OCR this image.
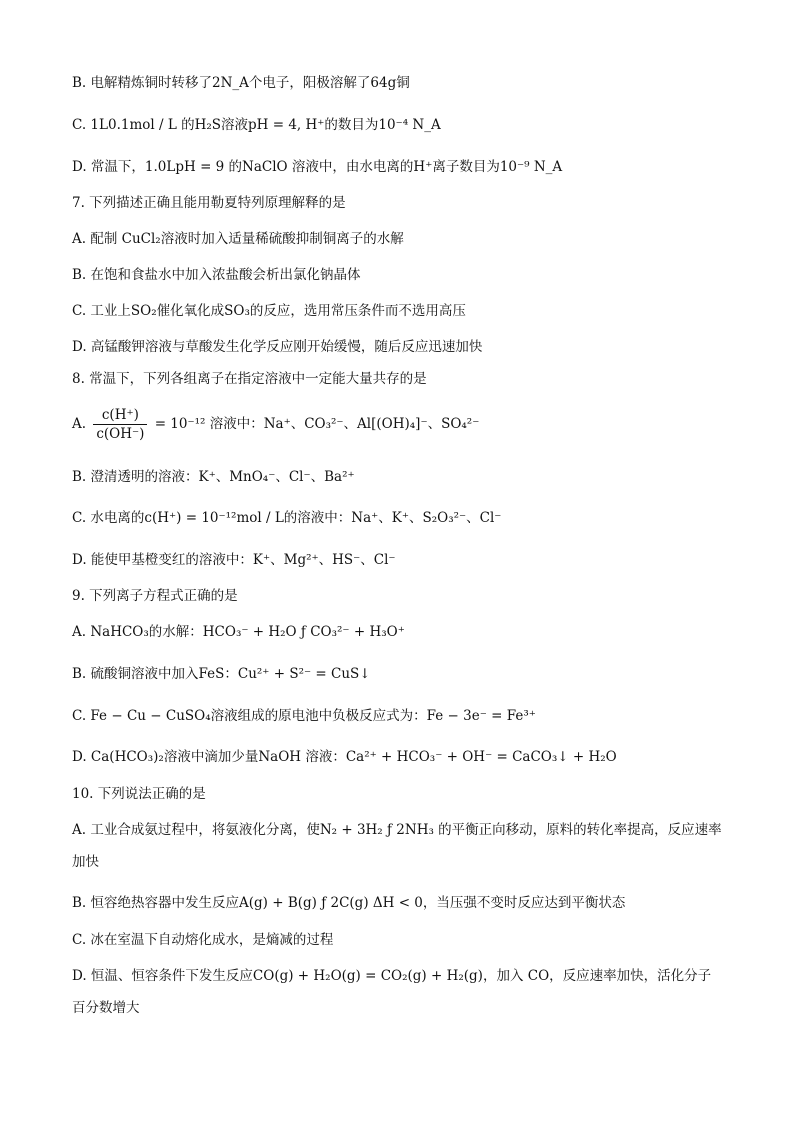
B. 电解精炼铜时转移了2N_A个电子，阳极溶解了64g铜
C. 1L0.1mol / L 的H₂S溶液pH = 4, H⁺的数目为10⁻⁴ N_A
D. 常温下，1.0LpH = 9 的NaClO 溶液中，由水电离的H⁺离子数目为10⁻⁹ N_A
7. 下列描述正确且能用勒夏特列原理解释的是
A. 配制 CuCl₂溶液时加入适量稀硫酸抑制铜离子的水解
B. 在饱和食盐水中加入浓盐酸会析出氯化钠晶体
C. 工业上SO₂催化氧化成SO₃的反应，选用常压条件而不选用高压
D. 高锰酸钾溶液与草酸发生化学反应刚开始缓慢，随后反应迅速加快
8. 常温下，下列各组离子在指定溶液中一定能大量共存的是
A. $\frac{c(H^+)}{c(OH^-)} = 10^{-12}$ 溶液中：Na⁺、CO₃²⁻、Al[(OH)₄]⁻、SO₄²⁻
B. 澄清透明的溶液：K⁺、MnO₄⁻、Cl⁻、Ba²⁺
C. 水电离的c(H⁺) = 10⁻¹²mol / L的溶液中：Na⁺、K⁺、S₂O₃²⁻、Cl⁻
D. 能使甲基橙变红的溶液中：K⁺、Mg²⁺、HS⁻、Cl⁻
9. 下列离子方程式正确的是
A. NaHCO₃的水解：HCO₃⁻ + H₂O ƒ CO₃²⁻ + H₃O⁺
B. 硫酸铜溶液中加入FeS：Cu²⁺ + S²⁻ = CuS↓
C. Fe − Cu − CuSO₄溶液组成的原电池中负极反应式为：Fe − 3e⁻ = Fe³⁺
D. Ca(HCO₃)₂溶液中滴加少量NaOH 溶液：Ca²⁺ + HCO₃⁻ + OH⁻ = CaCO₃↓ + H₂O
10. 下列说法正确的是
A. 工业合成氨过程中，将氨液化分离，使N₂ + 3H₂ ƒ 2NH₃ 的平衡正向移动，原料的转化率提高，反应速率加快
B. 恒容绝热容器中发生反应A(g) + B(g) ƒ 2C(g) ΔH < 0，当压强不变时反应达到平衡状态
C. 冰在室温下自动熔化成水，是熵减的过程
D. 恒温、恒容条件下发生反应CO(g) + H₂O(g) = CO₂(g) + H₂(g)，加入 CO，反应速率加快，活化分子百分数增大
